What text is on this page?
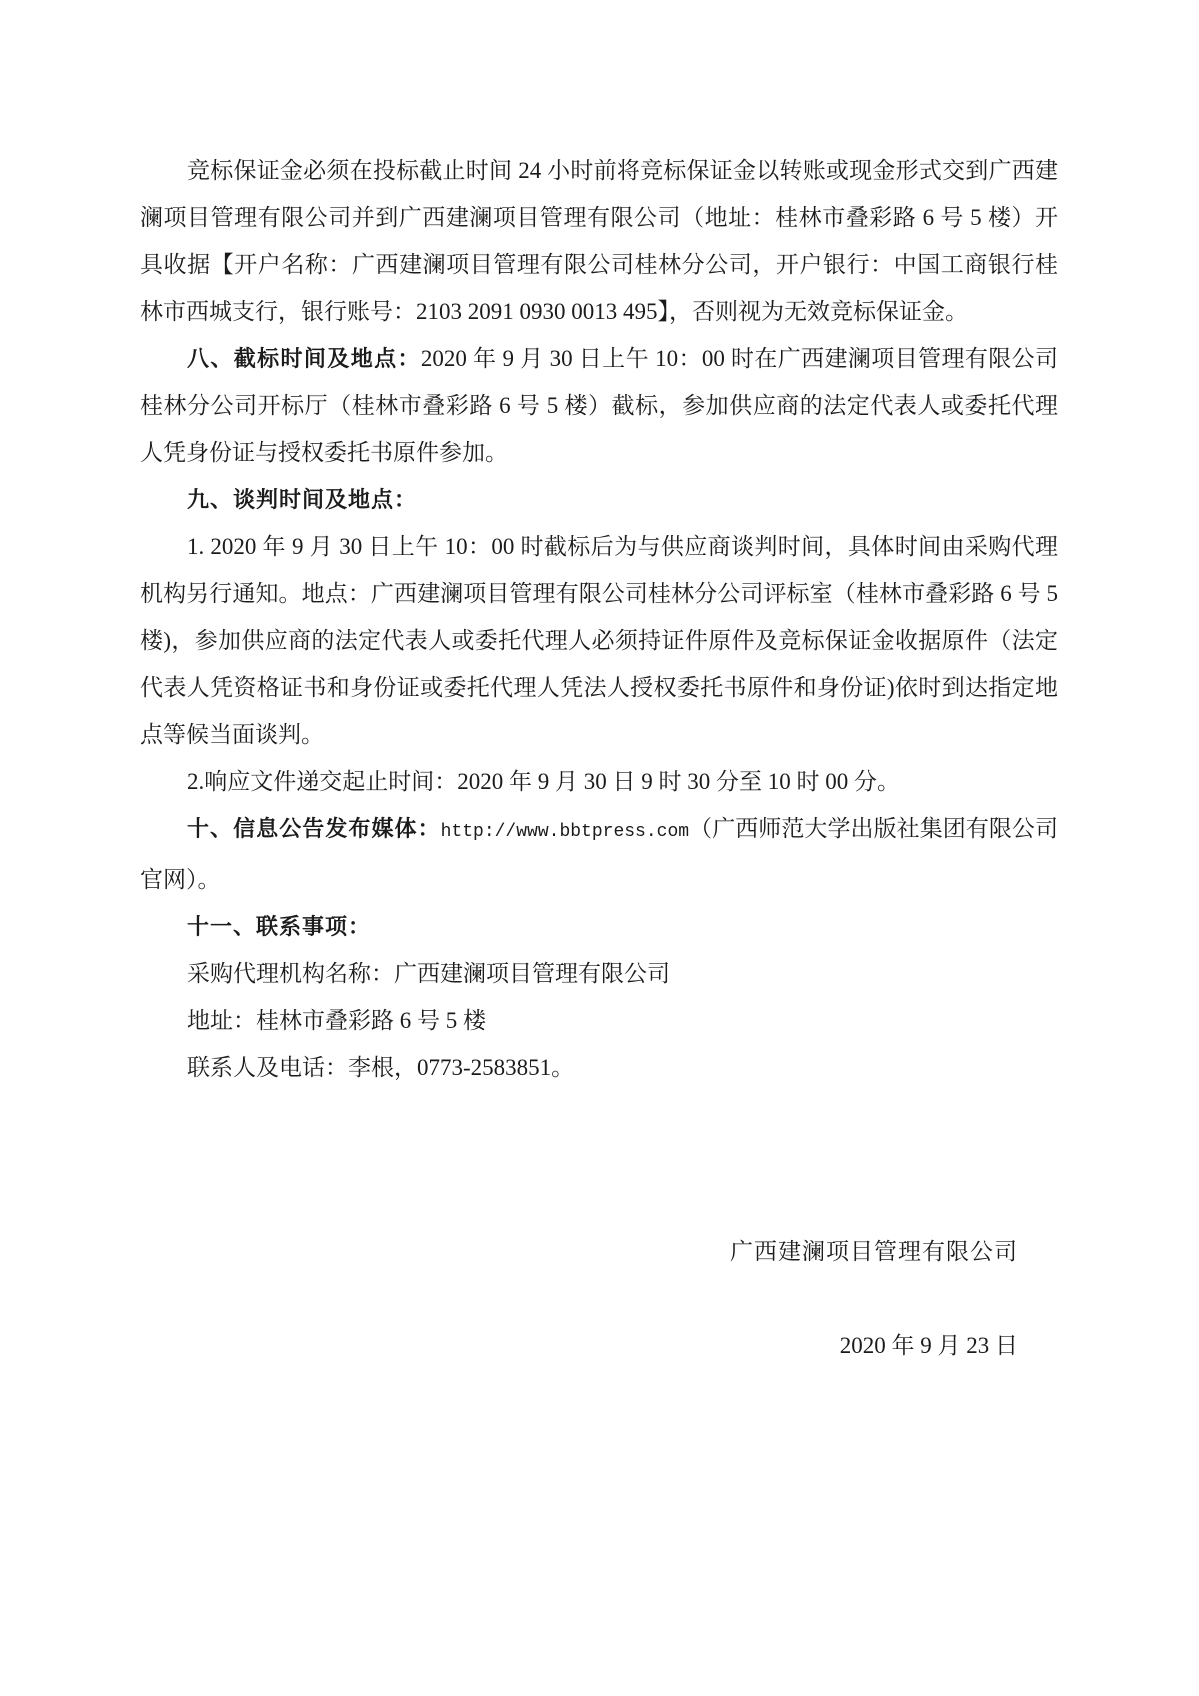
竞标保证金必须在投标截止时间 24 小时前将竞标保证金以转账或现金形式交到广西建澜项目管理有限公司并到广西建澜项目管理有限公司（地址：桂林市叠彩路 6 号 5 楼）开具收据【开户名称：广西建澜项目管理有限公司桂林分公司，开户银行：中国工商银行桂林市西城支行，银行账号：2103 2091 0930 0013 495】，否则视为无效竞标保证金。

八、截标时间及地点：2020 年 9 月 30 日上午 10：00 时在广西建澜项目管理有限公司桂林分公司开标厅（桂林市叠彩路 6 号 5 楼）截标，参加供应商的法定代表人或委托代理人凭身份证与授权委托书原件参加。

九、谈判时间及地点：

1. 2020 年 9 月 30 日上午 10：00 时截标后为与供应商谈判时间，具体时间由采购代理机构另行通知。地点：广西建澜项目管理有限公司桂林分公司评标室（桂林市叠彩路 6 号 5 楼)，参加供应商的法定代表人或委托代理人必须持证件原件及竞标保证金收据原件（法定代表人凭资格证书和身份证或委托代理人凭法人授权委托书原件和身份证)依时到达指定地点等候当面谈判。

2.响应文件递交起止时间：2020 年 9 月 30 日 9 时 30 分至 10 时 00 分。

十、信息公告发布媒体：http://www.bbtpress.com（广西师范大学出版社集团有限公司官网）。

十一、联系事项：

采购代理机构名称：广西建澜项目管理有限公司

地址：桂林市叠彩路 6 号 5 楼

联系人及电话：李根，0773-2583851。

广西建澜项目管理有限公司
2020 年 9 月 23 日
